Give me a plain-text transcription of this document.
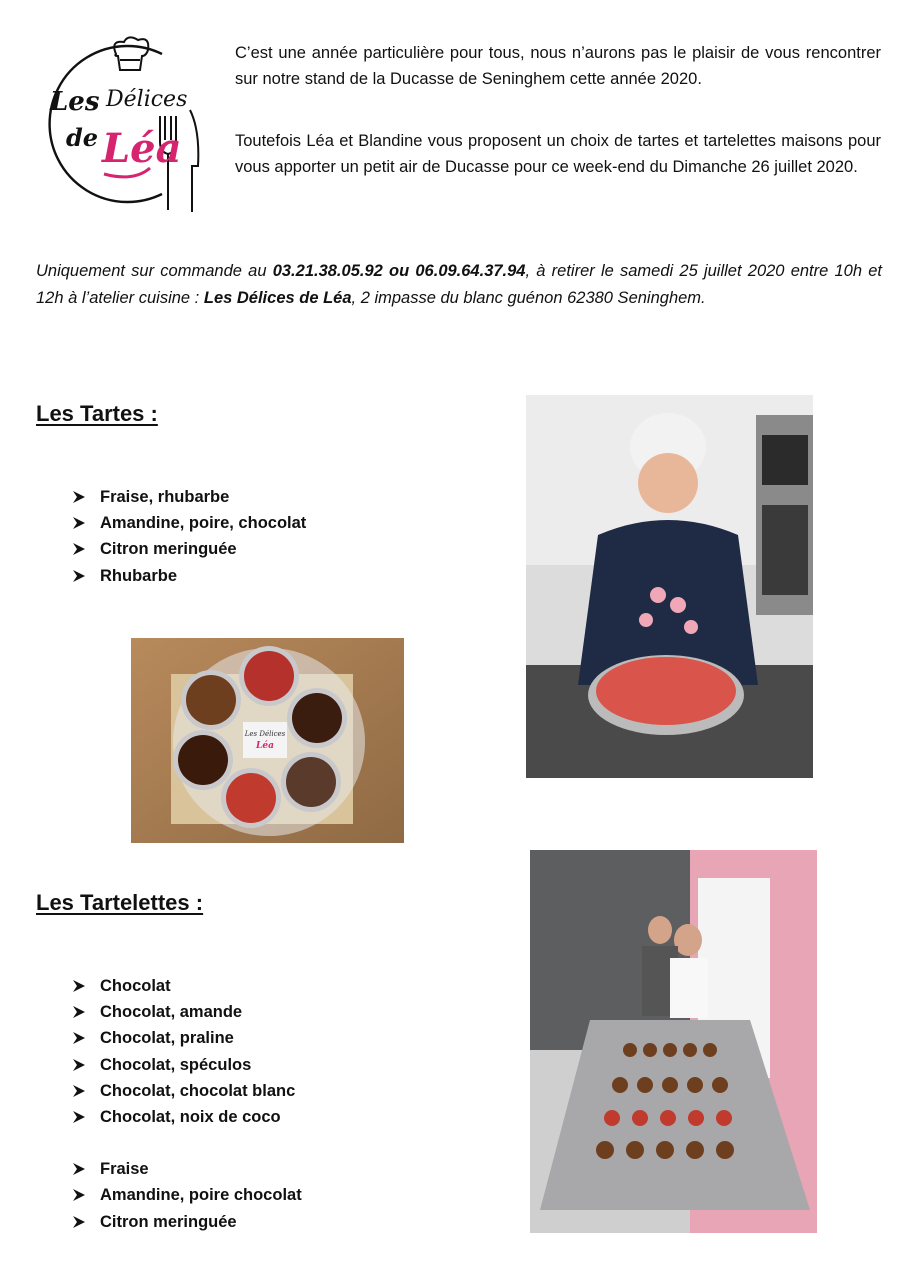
Les Délices
de Léa

C’est une année particulière pour tous, nous n’aurons pas le plaisir de vous rencontrer sur notre stand de la Ducasse de Seninghem cette année 2020.

Toutefois Léa et Blandine vous proposent un choix de tartes et tartelettes maisons pour vous apporter un petit air de Ducasse pour ce week-end du Dimanche 26 juillet 2020.

Uniquement sur commande au 03.21.38.05.92 ou 06.09.64.37.94, à retirer le samedi 25 juillet 2020 entre 10h et 12h à l’atelier cuisine : Les Délices de Léa, 2 impasse du blanc guénon 62380 Seninghem.

Les Tartes :
Fraise, rhubarbe
Amandine, poire, chocolat
Citron meringuée
Rhubarbe
Les Tartelettes :
Chocolat
Chocolat, amande
Chocolat, praline
Chocolat, spéculos
Chocolat, chocolat blanc
Chocolat, noix de coco
Fraise
Amandine, poire chocolat
Citron meringuée
Les Délices
Léa
